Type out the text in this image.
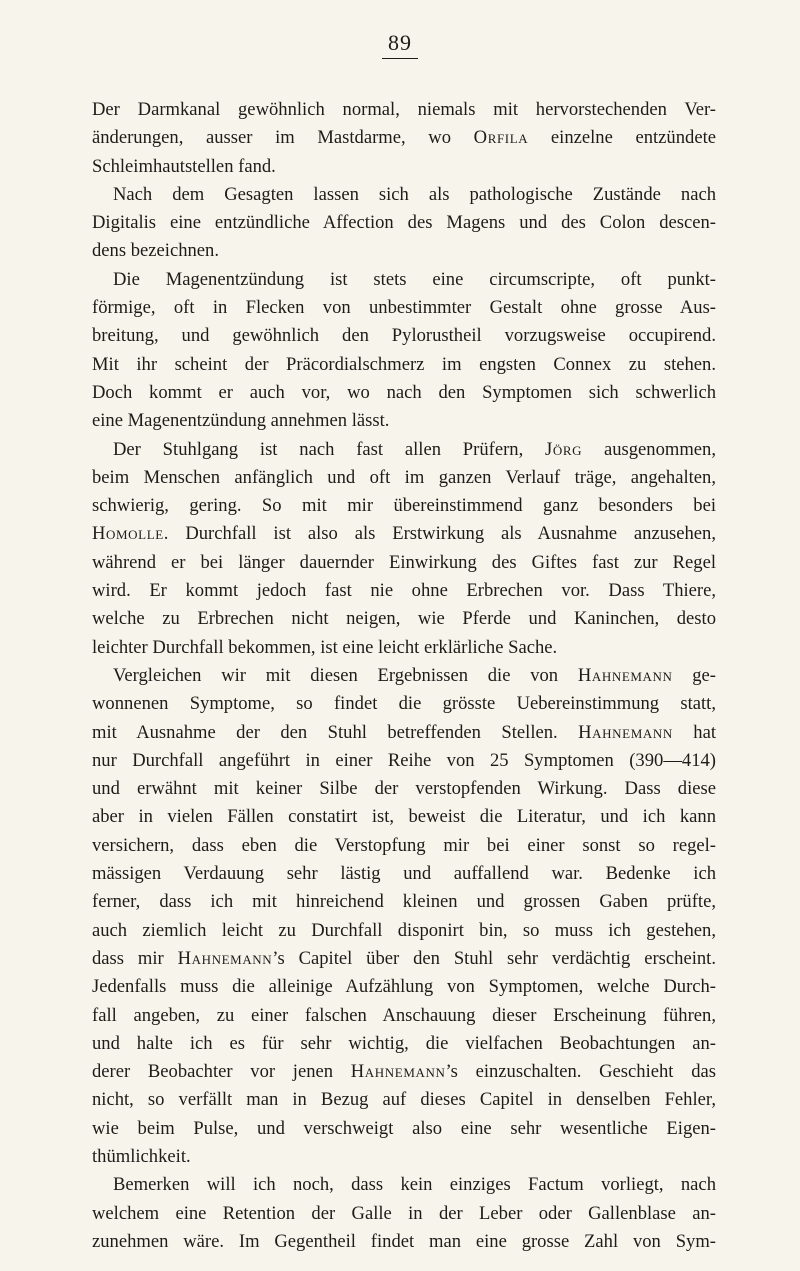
89
Der Darmkanal gewöhnlich normal, niemals mit hervorstechenden Ver-
änderungen, ausser im Mastdarme, wo Orfila einzelne entzündete
Schleimhautstellen fand.
Nach dem Gesagten lassen sich als pathologische Zustände nach
Digitalis eine entzündliche Affection des Magens und des Colon descen-
dens bezeichnen.
Die Magenentzündung ist stets eine circumscripte, oft punkt-
förmige, oft in Flecken von unbestimmter Gestalt ohne grosse Aus-
breitung, und gewöhnlich den Pylorustheil vorzugsweise occupirend.
Mit ihr scheint der Präcordialschmerz im engsten Connex zu stehen.
Doch kommt er auch vor, wo nach den Symptomen sich schwerlich
eine Magenentzündung annehmen lässt.
Der Stuhlgang ist nach fast allen Prüfern, Jörg ausgenommen,
beim Menschen anfänglich und oft im ganzen Verlauf träge, angehalten,
schwierig, gering. So mit mir übereinstimmend ganz besonders bei
Homolle. Durchfall ist also als Erstwirkung als Ausnahme anzusehen,
während er bei länger dauernder Einwirkung des Giftes fast zur Regel
wird. Er kommt jedoch fast nie ohne Erbrechen vor. Dass Thiere,
welche zu Erbrechen nicht neigen, wie Pferde und Kaninchen, desto
leichter Durchfall bekommen, ist eine leicht erklärliche Sache.
Vergleichen wir mit diesen Ergebnissen die von Hahnemann ge-
wonnenen Symptome, so findet die grösste Uebereinstimmung statt,
mit Ausnahme der den Stuhl betreffenden Stellen. Hahnemann hat
nur Durchfall angeführt in einer Reihe von 25 Symptomen (390—414)
und erwähnt mit keiner Silbe der verstopfenden Wirkung. Dass diese
aber in vielen Fällen constatirt ist, beweist die Literatur, und ich kann
versichern, dass eben die Verstopfung mir bei einer sonst so regel-
mässigen Verdauung sehr lästig und auffallend war. Bedenke ich
ferner, dass ich mit hinreichend kleinen und grossen Gaben prüfte,
auch ziemlich leicht zu Durchfall disponirt bin, so muss ich gestehen,
dass mir Hahnemann’s Capitel über den Stuhl sehr verdächtig erscheint.
Jedenfalls muss die alleinige Aufzählung von Symptomen, welche Durch-
fall angeben, zu einer falschen Anschauung dieser Erscheinung führen,
und halte ich es für sehr wichtig, die vielfachen Beobachtungen an-
derer Beobachter vor jenen Hahnemann’s einzuschalten. Geschieht das
nicht, so verfällt man in Bezug auf dieses Capitel in denselben Fehler,
wie beim Pulse, und verschweigt also eine sehr wesentliche Eigen-
thümlichkeit.
Bemerken will ich noch, dass kein einziges Factum vorliegt, nach
welchem eine Retention der Galle in der Leber oder Gallenblase an-
zunehmen wäre. Im Gegentheil findet man eine grosse Zahl von Sym-
